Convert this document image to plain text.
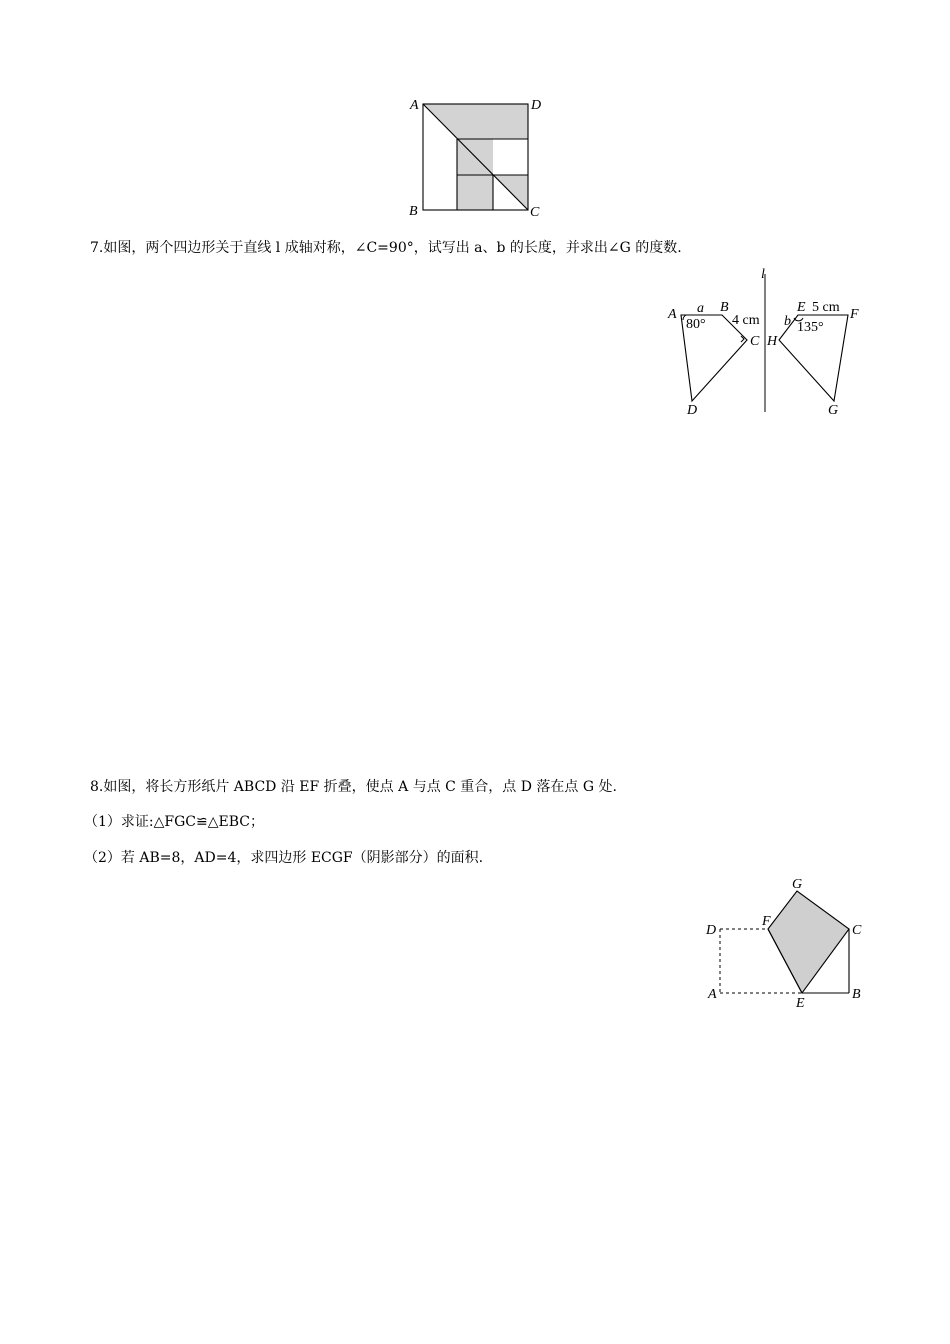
A	D
B	C

7.如图，两个四边形关于直线 l 成轴对称，∠C=90°，试写出 a、b 的长度，并求出∠G 的度数.

l
A a B
4 cm
80°
C
D
E 5 cm F
b 135°
H
G

8.如图，将长方形纸片 ABCD 沿 EF 折叠，使点 A 与点 C 重合，点 D 落在点 G 处.

（1）求证:△FGC≌△EBC；

（2）若 AB=8，AD=4，求四边形 ECGF（阴影部分）的面积.

G
F
C
D
A
E
B
